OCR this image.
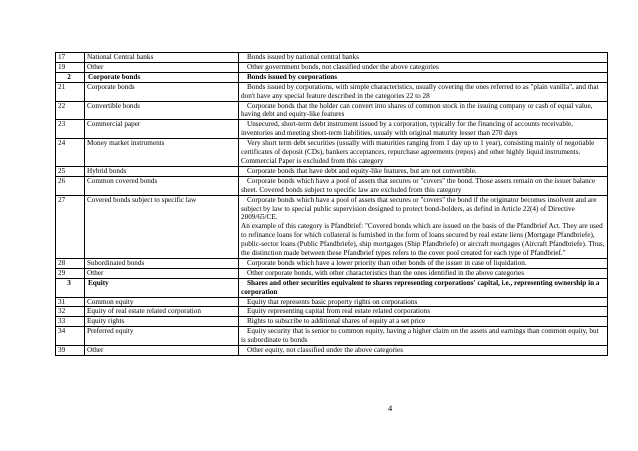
17	National Central banks	Bonds issued by national central banks

19	Other	Other government bonds, not classified under the above categories

2	Corporate bonds	Bonds issued by corporations

21	Corporate bonds	Bonds issued by corporations, with simple characteristics, usually covering the ones referred to as "plain vanilla", and that don't have any special feature described in the categories 22 to 28

22	Convertible bonds	Corporate bonds that the holder can convert into shares of common stock in the issuing company or cash of equal value, having debt and equity-like features

23	Commercial paper	Unsecured, short-term debt instrument issued by a corporation, typically for the financing of accounts receivable, inventories and meeting short-term liabilities, usualy with original maturity lesser than 270 days

24	Money market instruments	Very short term debt securities (usually with maturities ranging from 1 day up to 1 year), consisting mainly of negotiable certificates of deposit (CDs), bankers acceptances, repurchase agreements (repos) and other highly liquid instruments. Commercial Paper is excluded from this category

25	Hybrid bonds	Corporate bonds that have debt and equity-like features, but are not convertible.

26	Common covered bonds	Corporate bonds which have a pool of assets that secures or "covers" the bond. Those assets remain on the issuer balance sheet. Covered bonds subject to specific law are excluded from this category

27	Covered bonds subject to specific law	Corporate bonds which have a pool of assets that secures or "covers" the bond if the originator becomes insolvent and are subject by law to special public supervision designed to protect bond-holders, as defind in Article 22(4) of Directive 2009/65/CE.
An example of this category is Pfandbrief: "Covered bonds which are issued on the basis of the Pfandbrief Act. They are used to refinance loans for which collateral is furnished in the form of loans secured by real estate liens (Mortgage Pfandbriefe), public-sector loans (Public Pfandbriefe), ship mortgages (Ship Pfandbriefe) or aircraft mortgages (Aircraft Pfandbriefe). Thus, the distinction made between these Pfandbrief types refers to the cover pool created for each type of Pfandbrief."

28	Subordinated bonds	Corporate bonds which have a lower priority than other bonds of the issuer in case of liquidation.

29	Other	Other corporate bonds, with other characteristics than the ones identified in the above categories

3	Equity	Shares and other securities equivalent to shares representing corporations' capital, i.e., representing ownership in a corporation

31	Common equity	Equity that represents basic property rights on corporations

32	Equity of real estate related corporation	Equity representing capital from real estate related corporations

33	Equity rights	Rights to subscribe to additional shares of equity at a set price

34	Preferred equity	Equity security that is senior to common equity, having a higher claim on the assets and earnings than common equity, but is subordinate to bonds

39	Other	Other equity, not classified under the above categories
4
